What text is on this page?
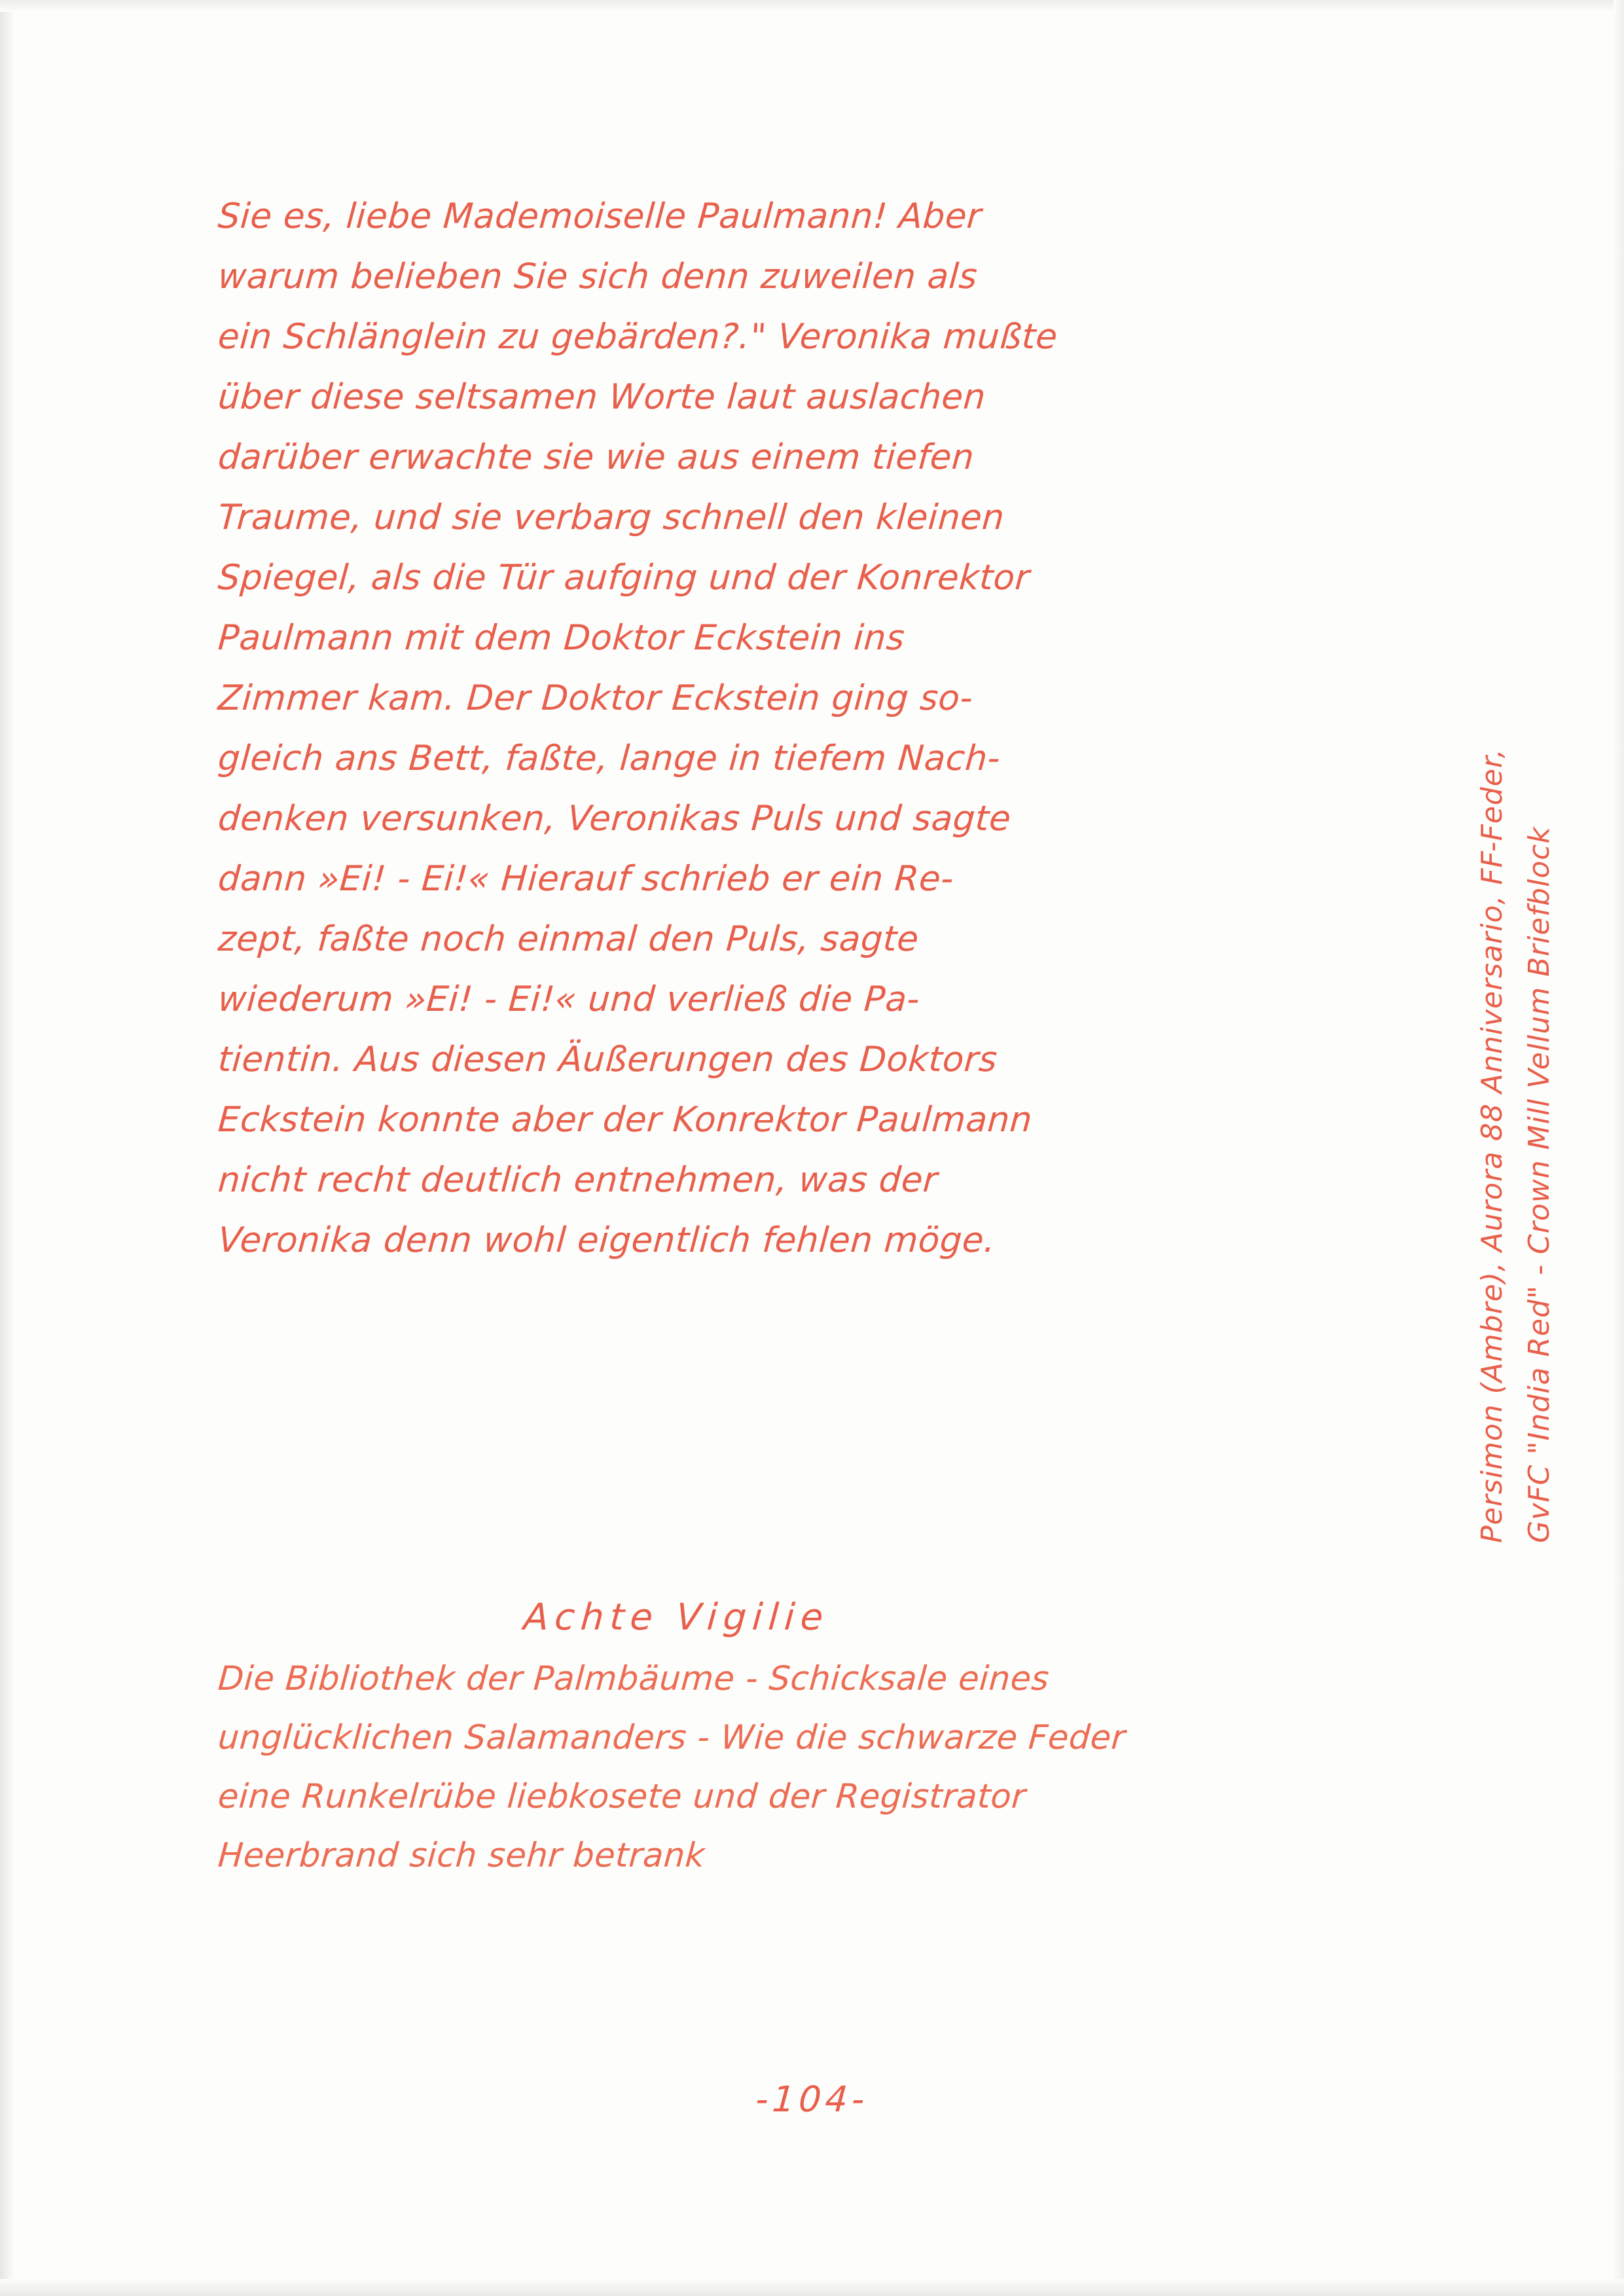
Sie es, liebe Mademoiselle Paulmann! Aber
warum belieben Sie sich denn zuweilen als
ein Schlänglein zu gebärden?." Veronika mußte
über diese seltsamen Worte laut auslachen
darüber erwachte sie wie aus einem tiefen
Traume, und sie verbarg schnell den kleinen
Spiegel, als die Tür aufging und der Konrektor
Paulmann mit dem Doktor Eckstein ins
Zimmer kam. Der Doktor Eckstein ging so-
gleich ans Bett, faßte, lange in tiefem Nach-
denken versunken, Veronikas Puls und sagte
dann »Ei! - Ei!« Hierauf schrieb er ein Re-
zept, faßte noch einmal den Puls, sagte
wiederum »Ei! - Ei!« und verließ die Pa-
tientin. Aus diesen Äußerungen des Doktors
Eckstein konnte aber der Konrektor Paulmann
nicht recht deutlich entnehmen, was der
Veronika denn wohl eigentlich fehlen möge.
Achte Vigilie
Die Bibliothek der Palmbäume - Schicksale eines
unglücklichen Salamanders - Wie die schwarze Feder
eine Runkelrübe liebkosete und der Registrator
Heerbrand sich sehr betrank
-104-
Persimon (Ambre), Aurora 88 Anniversario, FF-Feder, GvFC "India Red" - Crown Mill Vellum Briefblock
